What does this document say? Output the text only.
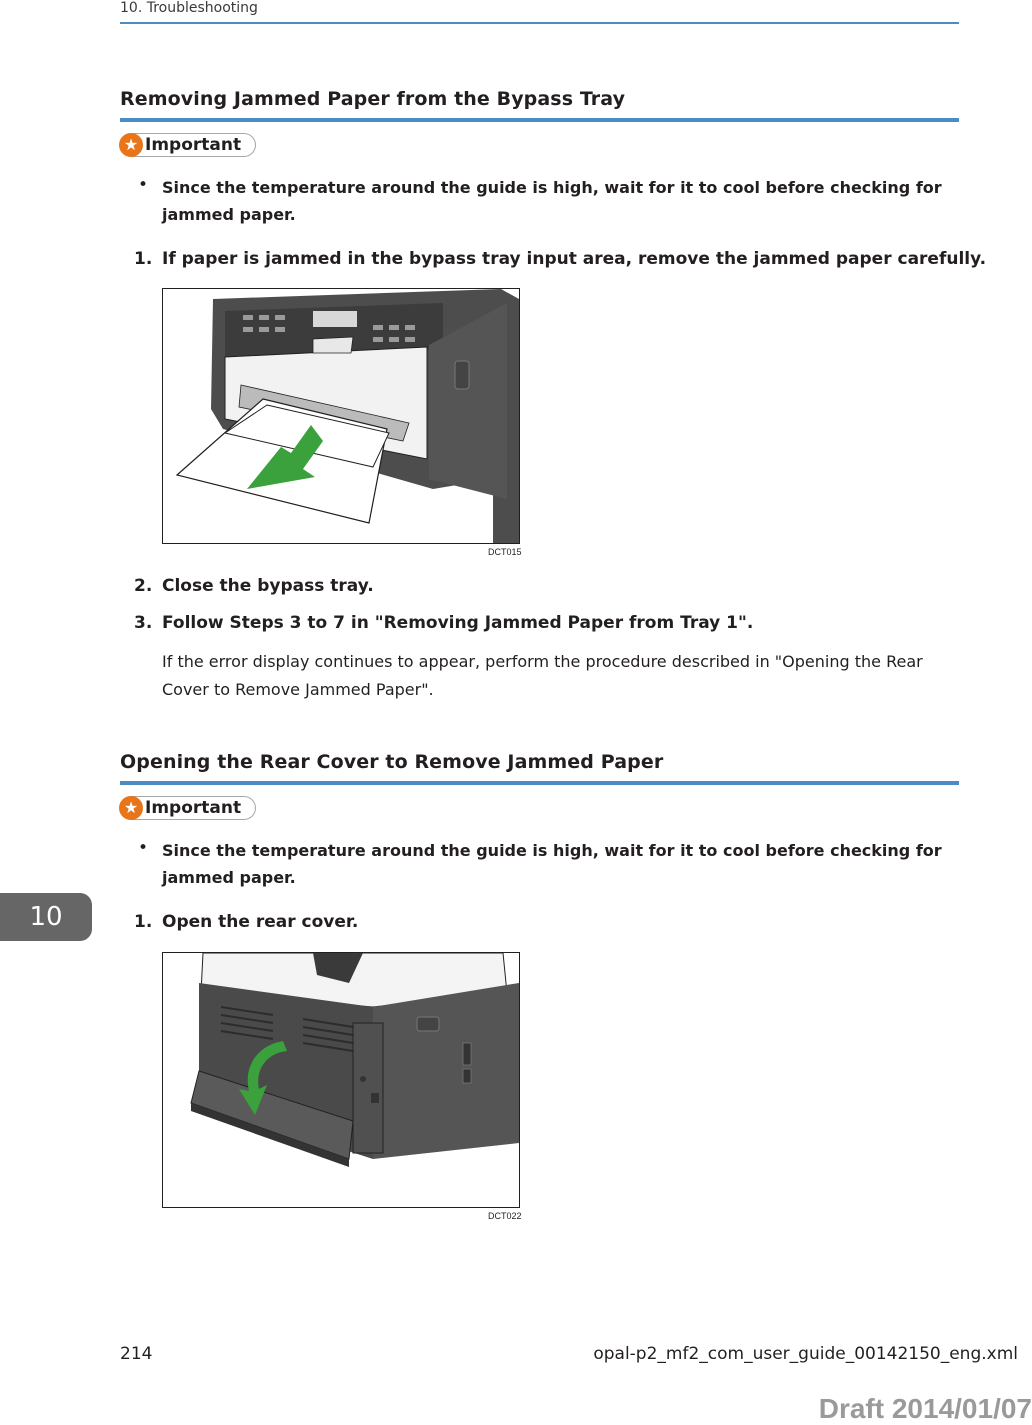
10. Troubleshooting
Removing Jammed Paper from the Bypass Tray
★ Important
• Since the temperature around the guide is high, wait for it to cool before checking for jammed paper.
1. If paper is jammed in the bypass tray input area, remove the jammed paper carefully.
DCT015
2. Close the bypass tray.
3. Follow Steps 3 to 7 in "Removing Jammed Paper from Tray 1".
If the error display continues to appear, perform the procedure described in "Opening the Rear Cover to Remove Jammed Paper".
Opening the Rear Cover to Remove Jammed Paper
★ Important
• Since the temperature around the guide is high, wait for it to cool before checking for jammed paper.
1. Open the rear cover.
DCT022
10
214	opal-p2_mf2_com_user_guide_00142150_eng.xml
Draft 2014/01/07
